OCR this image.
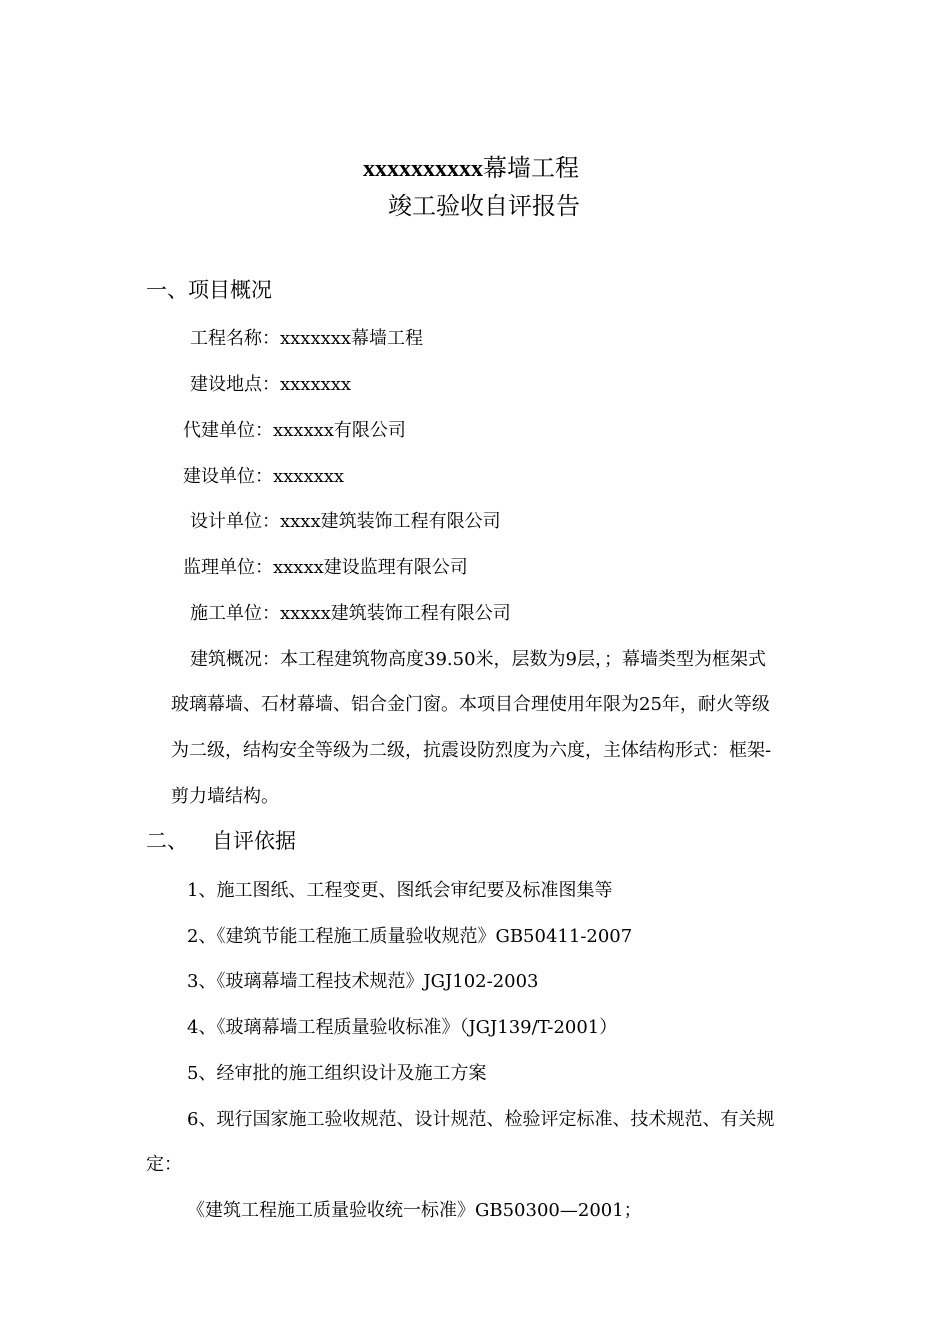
xxxxxxxxxx幕墙工程
竣工验收自评报告
一、项目概况
工程名称：xxxxxxx幕墙工程
建设地点：xxxxxxx
代建单位：xxxxxx有限公司
建设单位：xxxxxxx
设计单位：xxxx建筑装饰工程有限公司
监理单位：xxxxx建设监理有限公司
施工单位：xxxxx建筑装饰工程有限公司
建筑概况：本工程建筑物高度39.50米，层数为9层，；幕墙类型为框架式
玻璃幕墙、石材幕墙、铝合金门窗。本项目合理使用年限为25年，耐火等级
为二级，结构安全等级为二级，抗震设防烈度为六度，主体结构形式：框架-
剪力墙结构。
二、 自评依据
1、施工图纸、工程变更、图纸会审纪要及标准图集等
2、《建筑节能工程施工质量验收规范》GB50411-2007
3、《玻璃幕墙工程技术规范》JGJ102-2003
4、《玻璃幕墙工程质量验收标准》（JGJ139/T-2001）
5、经审批的施工组织设计及施工方案
6、现行国家施工验收规范、设计规范、检验评定标准、技术规范、有关规
定：
《建筑工程施工质量验收统一标准》GB50300—2001；
